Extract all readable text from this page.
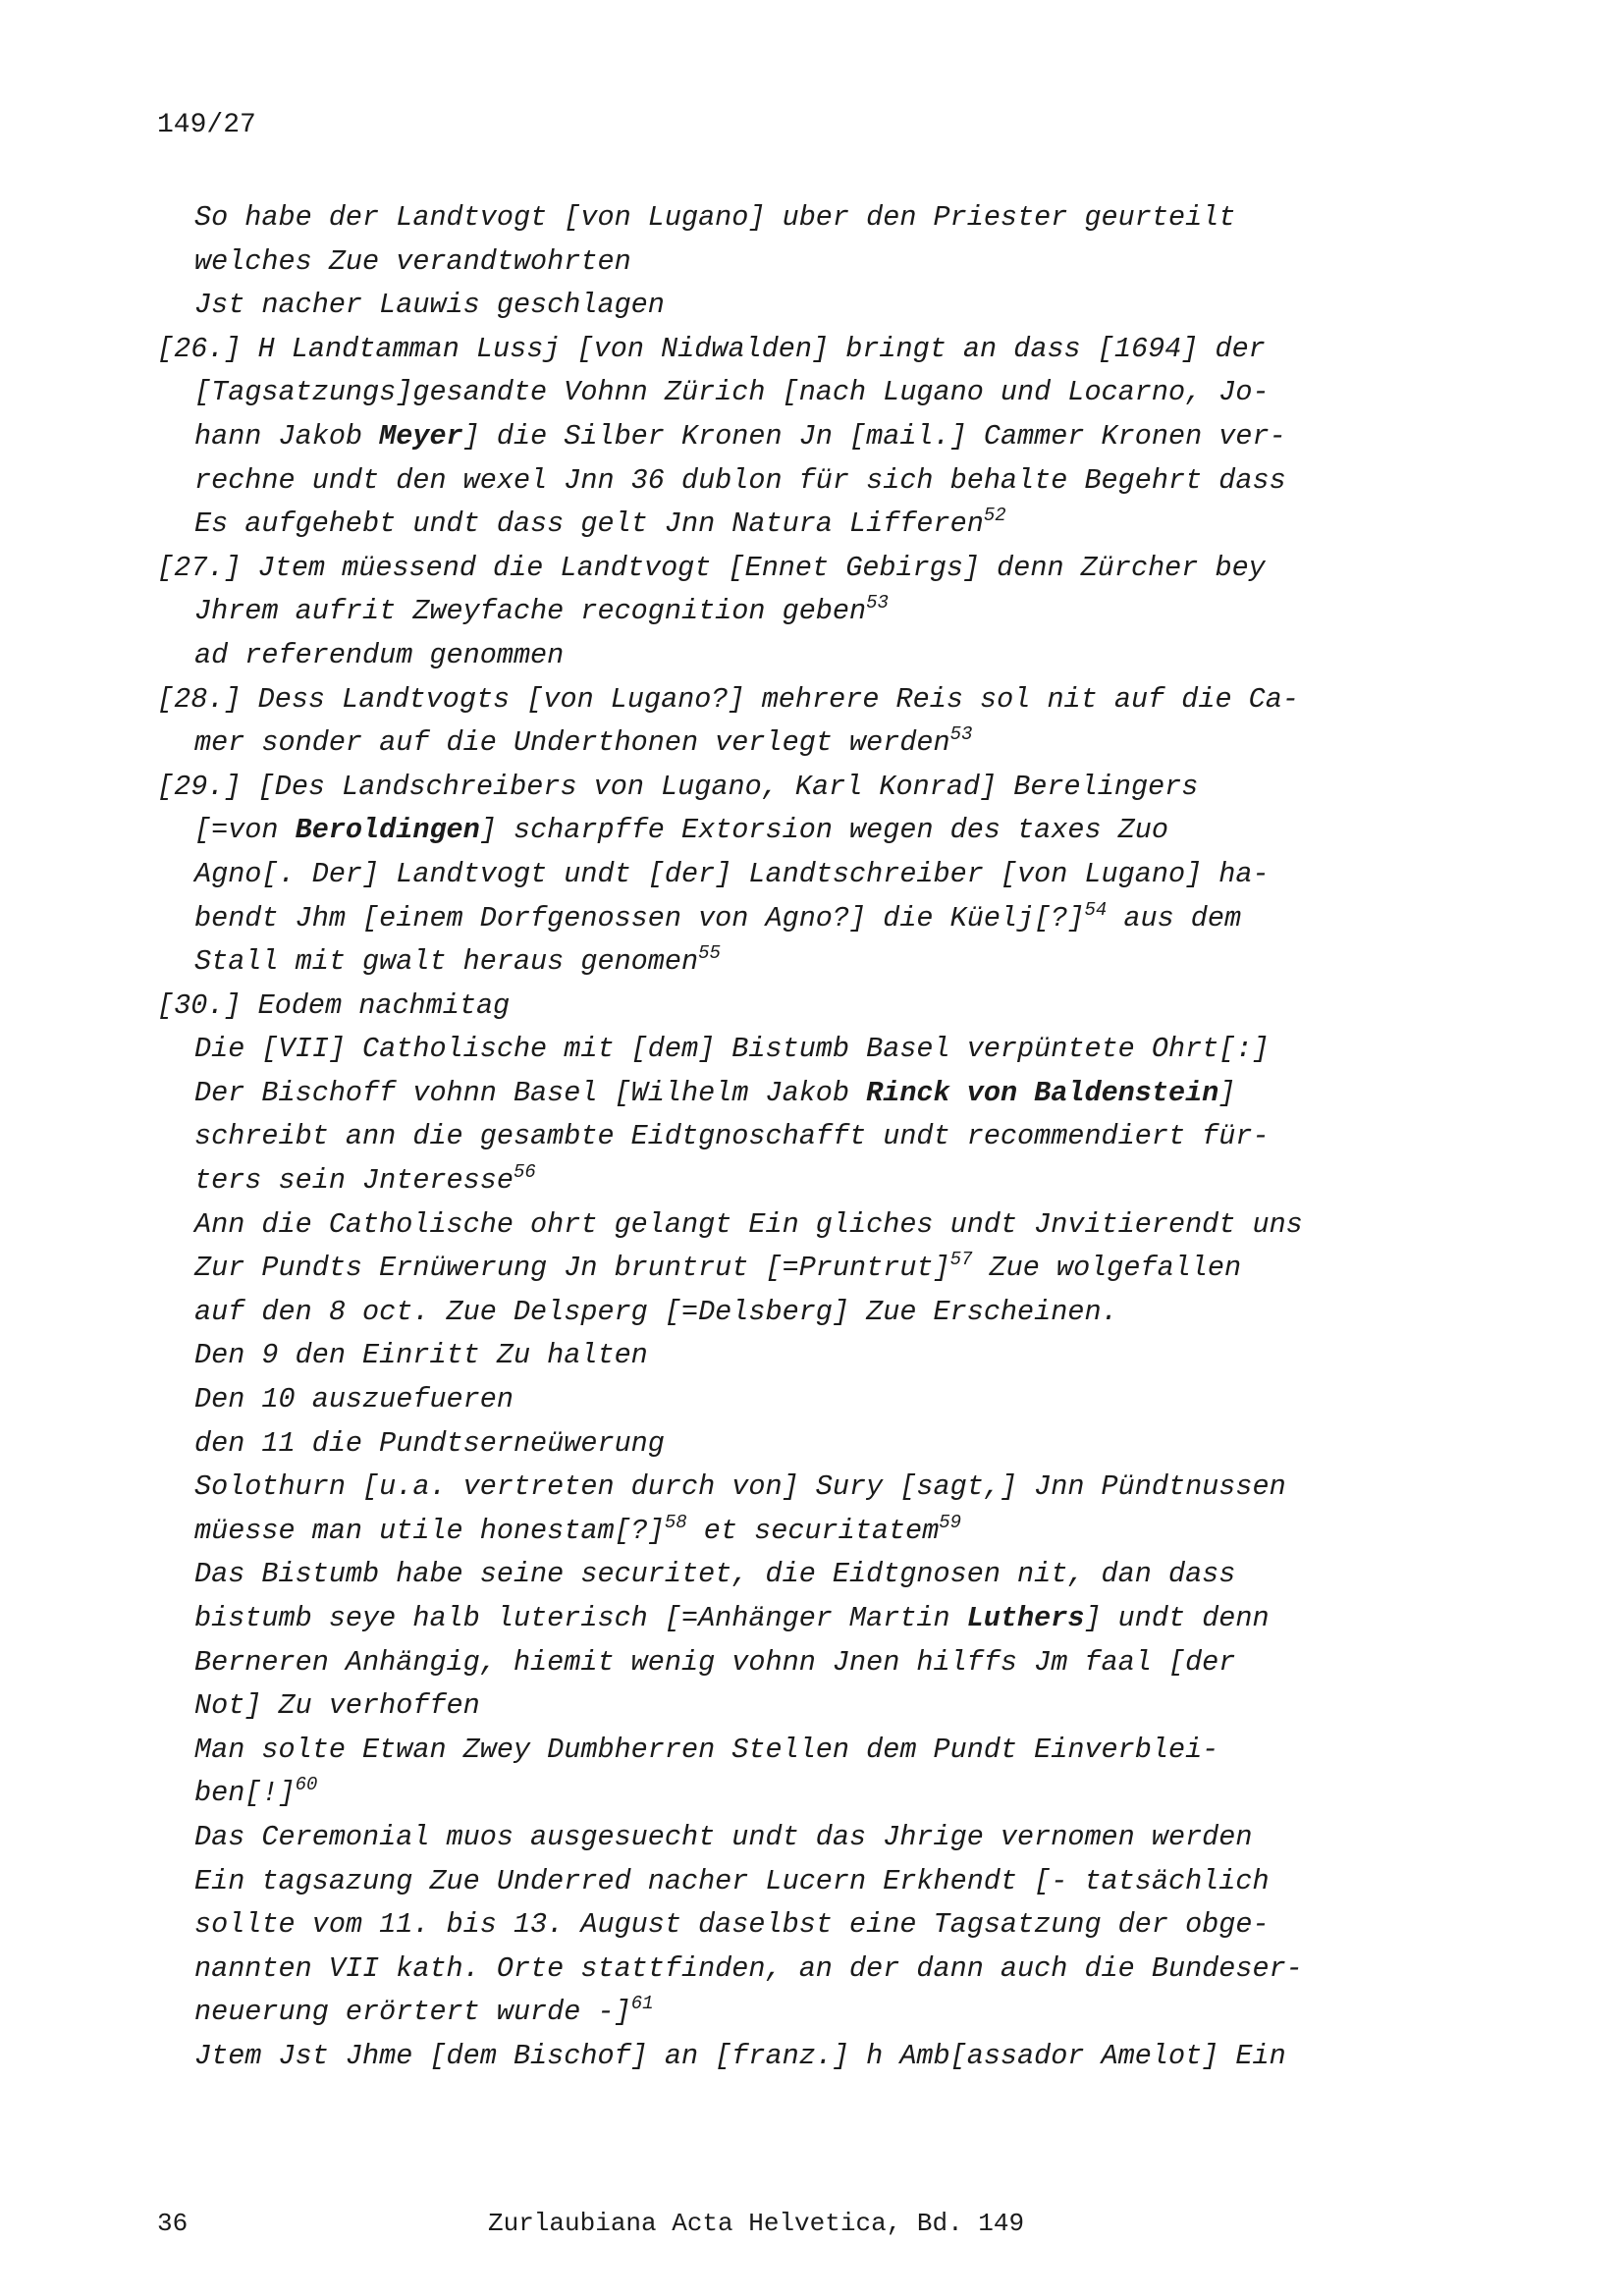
149/27
So habe der Landtvogt [von Lugano] uber den Priester geurteilt
welches Zue verandtwohrten
Jst nacher Lauwis geschlagen
[26.] H Landtamman Lussj [von Nidwalden] bringt an dass [1694] der
[Tagsatzungs]gesandte Vohnn Zürich [nach Lugano und Locarno, Jo-
hann Jakob Meyer] die Silber Kronen Jn [mail.] Cammer Kronen ver-
rechne undt den wexel Jnn 36 dublon für sich behalte Begehrt dass
Es aufgehebt undt dass gelt Jnn Natura Lifferen$^{52}$
[27.] Jtem müessend die Landtvogt [Ennet Gebirgs] denn Zürcher bey
Jhrem aufrit Zweyfache recognition geben$^{53}$
ad referendum genommen
[28.] Dess Landtvogts [von Lugano?] mehrere Reis sol nit auf die Ca-
mer sonder auf die Underthonen verlegt werden$^{53}$
[29.] [Des Landschreibers von Lugano, Karl Konrad] Berelingers
[=von Beroldingen] scharpffe Extorsion wegen des taxes Zuo
Agno[. Der] Landtvogt undt [der] Landtschreiber [von Lugano] ha-
bendt Jhm [einem Dorfgenossen von Agno?] die Küelj[?]$^{54}$ aus dem
Stall mit gwalt heraus genomen$^{55}$
[30.] Eodem nachmitag
Die [VII] Catholische mit [dem] Bistumb Basel verpüntete Ohrt[:]
Der Bischoff vohnn Basel [Wilhelm Jakob Rinck von Baldenstein]
schreibt ann die gesambte Eidtgnoschafft undt recommendiert für-
ters sein Jnteresse$^{56}$
Ann die Catholische ohrt gelangt Ein gliches undt Jnvitierendt uns
Zur Pundts Ernüwerung Jn bruntrut [=Pruntrut]$^{57}$ Zue wolgefallen
auf den 8 oct. Zue Delsperg [=Delsberg] Zue Erscheinen.
Den 9 den Einritt Zu halten
Den 10 auszuefueren
den 11 die Pundtserneüwerung
Solothurn [u.a. vertreten durch von] Sury [sagt,] Jnn Pündtnussen
müesse man utile honestam[?]$^{58}$ et securitatem$^{59}$
Das Bistumb habe seine securitet, die Eidtgnosen nit, dan dass
bistumb seye halb luterisch [=Anhänger Martin Luthers] undt denn
Berneren Anhängig, hiemit wenig vohnn Jnen hilffs Jm faal [der
Not] Zu verhoffen
Man solte Etwan Zwey Dumbherren Stellen dem Pundt Einverblei-
ben[!]$^{60}$
Das Ceremonial muos ausgesuecht undt das Jhrige vernomen werden
Ein tagsazung Zue Underred nacher Lucern Erkhendt [- tatsächlich
sollte vom 11. bis 13. August daselbst eine Tagsatzung der obge-
nannten VII kath. Orte stattfinden, an der dann auch die Bundeser-
neuerung erörtert wurde -]$^{61}$
Jtem Jst Jhme [dem Bischof] an [franz.] h Amb[assador Amelot] Ein
36	Zurlaubiana Acta Helvetica, Bd. 149
